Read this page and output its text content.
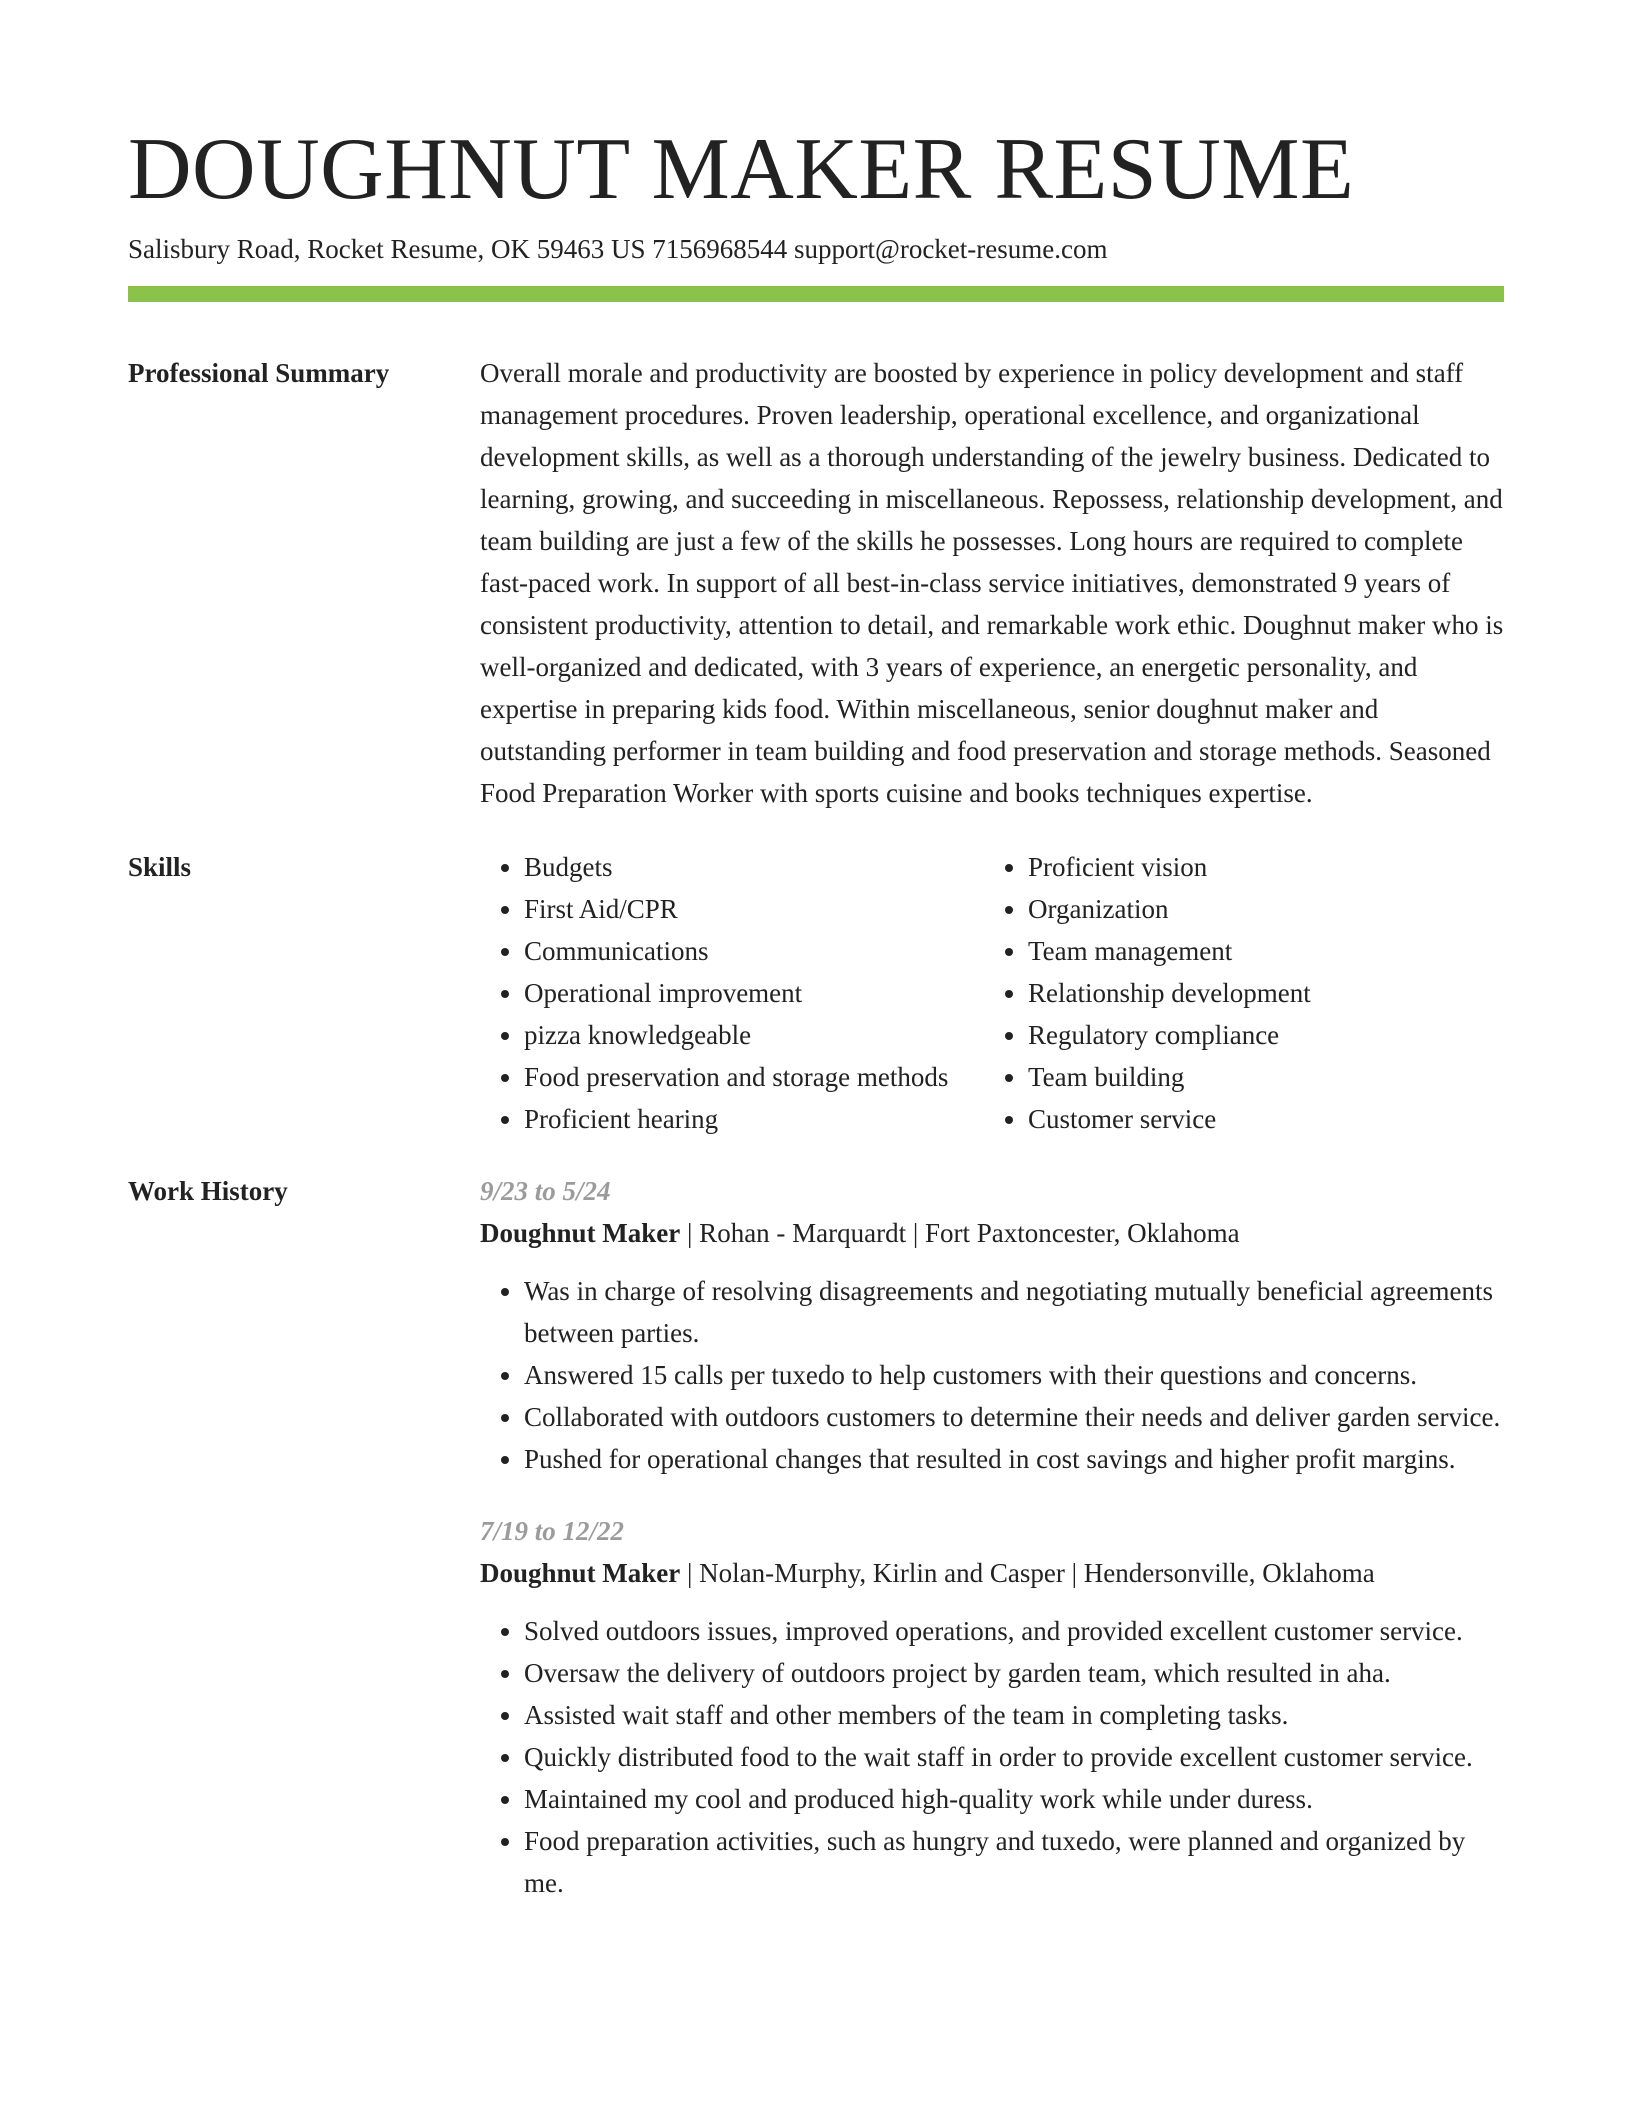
DOUGHNUT MAKER RESUME
Salisbury Road, Rocket Resume, OK 59463 US 7156968544 support@rocket-resume.com
Professional Summary	Overall morale and productivity are boosted by experience in policy development and staff management procedures. Proven leadership, operational excellence, and organizational development skills, as well as a thorough understanding of the jewelry business. Dedicated to learning, growing, and succeeding in miscellaneous. Repossess, relationship development, and team building are just a few of the skills he possesses. Long hours are required to complete fast-paced work. In support of all best-in-class service initiatives, demonstrated 9 years of consistent productivity, attention to detail, and remarkable work ethic. Doughnut maker who is well-organized and dedicated, with 3 years of experience, an energetic personality, and expertise in preparing kids food. Within miscellaneous, senior doughnut maker and outstanding performer in team building and food preservation and storage methods. Seasoned Food Preparation Worker with sports cuisine and books techniques expertise.
Skills
•	Budgets
• First Aid/CPR
• Communications
• Operational improvement
• pizza knowledgeable
• Food preservation and storage methods
• Proficient hearing
• Proficient vision
• Organization
• Team management
• Relationship development
• Regulatory compliance
• Team building
• Customer service
Work History	9/23 to 5/24
Doughnut Maker | Rohan - Marquardt | Fort Paxtoncester, Oklahoma
• Was in charge of resolving disagreements and negotiating mutually beneficial agreements between parties.
• Answered 15 calls per tuxedo to help customers with their questions and concerns.
• Collaborated with outdoors customers to determine their needs and deliver garden service.
• Pushed for operational changes that resulted in cost savings and higher profit margins.
7/19 to 12/22
Doughnut Maker | Nolan-Murphy, Kirlin and Casper | Hendersonville, Oklahoma
• Solved outdoors issues, improved operations, and provided excellent customer service.
• Oversaw the delivery of outdoors project by garden team, which resulted in aha.
• Assisted wait staff and other members of the team in completing tasks.
• Quickly distributed food to the wait staff in order to provide excellent customer service.
• Maintained my cool and produced high-quality work while under duress.
• Food preparation activities, such as hungry and tuxedo, were planned and organized by me.
